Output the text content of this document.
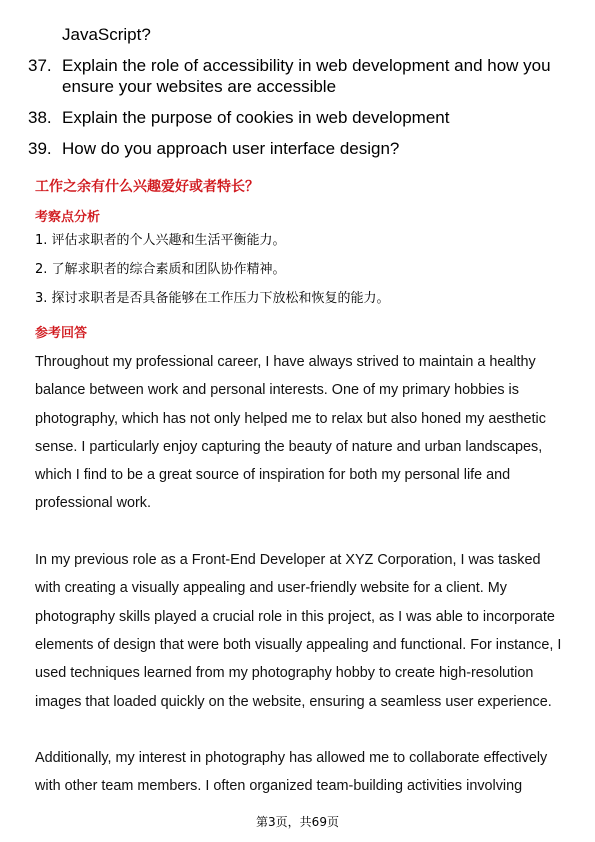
JavaScript?
37. Explain the role of accessibility in web development and how you ensure your websites are accessible
38. Explain the purpose of cookies in web development
39. How do you approach user interface design?
工作之余有什么兴趣爱好或者特长？
考察点分析
1. 评估求职者的个人兴趣和生活平衡能力。
2. 了解求职者的综合素质和团队协作精神。
3. 探讨求职者是否具备能够在工作压力下放松和恢复的能力。
参考回答

Throughout my professional career, I have always strived to maintain a healthy balance between work and personal interests. One of my primary hobbies is photography, which has not only helped me to relax but also honed my aesthetic sense. I particularly enjoy capturing the beauty of nature and urban landscapes, which I find to be a great source of inspiration for both my personal life and professional work.

In my previous role as a Front-End Developer at XYZ Corporation, I was tasked with creating a visually appealing and user-friendly website for a client. My photography skills played a crucial role in this project, as I was able to incorporate elements of design that were both visually appealing and functional. For instance, I used techniques learned from my photography hobby to create high-resolution images that loaded quickly on the website, ensuring a seamless user experience.

Additionally, my interest in photography has allowed me to collaborate effectively with other team members. I often organized team-building activities involving

第3页，共69页
